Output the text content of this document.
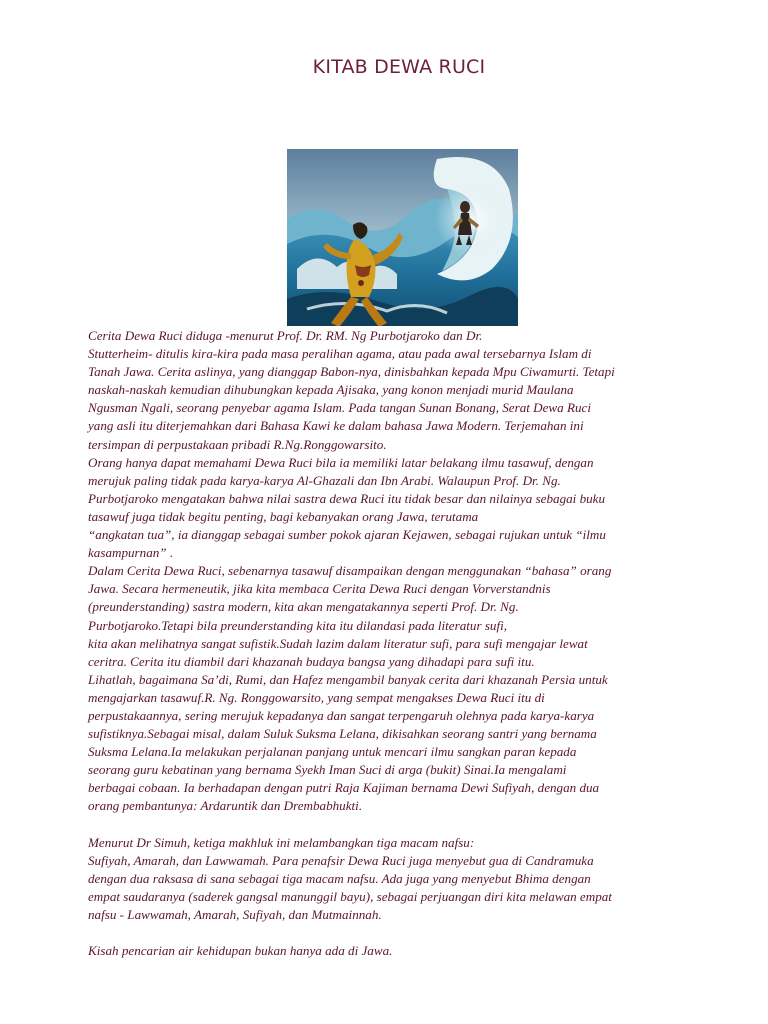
KITAB DEWA RUCI
Cerita Dewa Ruci diduga -menurut Prof. Dr. RM. Ng Purbotjaroko dan Dr.
Stutterheim- ditulis kira-kira pada masa peralihan agama, atau pada awal tersebarnya Islam di
Tanah Jawa. Cerita aslinya, yang dianggap Babon-nya, dinisbahkan kepada Mpu Ciwamurti. Tetapi
naskah-naskah kemudian dihubungkan kepada Ajisaka, yang konon menjadi murid Maulana
Ngusman Ngali, seorang penyebar agama Islam. Pada tangan Sunan Bonang, Serat Dewa Ruci
yang asli itu diterjemahkan dari Bahasa Kawi ke dalam bahasa Jawa Modern. Terjemahan ini
tersimpan di perpustakaan pribadi R.Ng.Ronggowarsito.
Orang hanya dapat memahami Dewa Ruci bila ia memiliki latar belakang ilmu tasawuf, dengan
merujuk paling tidak pada karya-karya Al-Ghazali dan Ibn Arabi. Walaupun Prof. Dr. Ng.
Purbotjaroko mengatakan bahwa nilai sastra dewa Ruci itu tidak besar dan nilainya sebagai buku
tasawuf juga tidak begitu penting, bagi kebanyakan orang Jawa, terutama
“angkatan tua”, ia dianggap sebagai sumber pokok ajaran Kejawen, sebagai rujukan untuk “ilmu
kasampurnan” .
Dalam Cerita Dewa Ruci, sebenarnya tasawuf disampaikan dengan menggunakan “bahasa” orang
Jawa. Secara hermeneutik, jika kita membaca Cerita Dewa Ruci dengan Vorverstandnis
(preunderstanding) sastra modern, kita akan mengatakannya seperti Prof. Dr. Ng.
Purbotjaroko.Tetapi bila preunderstanding kita itu dilandasi pada literatur sufi,
kita akan melihatnya sangat sufistik.Sudah lazim dalam literatur sufi, para sufi mengajar lewat
ceritra. Cerita itu diambil dari khazanah budaya bangsa yang dihadapi para sufi itu.
Lihatlah, bagaimana Sa’di, Rumi, dan Hafez mengambil banyak cerita dari khazanah Persia untuk
mengajarkan tasawuf.R. Ng. Ronggowarsito, yang sempat mengakses Dewa Ruci itu di
perpustakaannya, sering merujuk kepadanya dan sangat terpengaruh olehnya pada karya-karya
sufistiknya.Sebagai misal, dalam Suluk Suksma Lelana, dikisahkan seorang santri yang bernama
Suksma Lelana.Ia melakukan perjalanan panjang untuk mencari ilmu sangkan paran kepada
seorang guru kebatinan yang bernama Syekh Iman Suci di arga (bukit) Sinai.Ia mengalami
berbagai cobaan. Ia berhadapan dengan putri Raja Kajiman bernama Dewi Sufiyah, dengan dua
orang pembantunya: Ardaruntik dan Drembabhukti.
Menurut Dr Simuh, ketiga makhluk ini melambangkan tiga macam nafsu:
Sufiyah, Amarah, dan Lawwamah. Para penafsir Dewa Ruci juga menyebut gua di Candramuka
dengan dua raksasa di sana sebagai tiga macam nafsu. Ada juga yang menyebut Bhima dengan
empat saudaranya (saderek gangsal manunggil bayu), sebagai perjuangan diri kita melawan empat
nafsu - Lawwamah, Amarah, Sufiyah, dan Mutmainnah.
Kisah pencarian air kehidupan bukan hanya ada di Jawa.
